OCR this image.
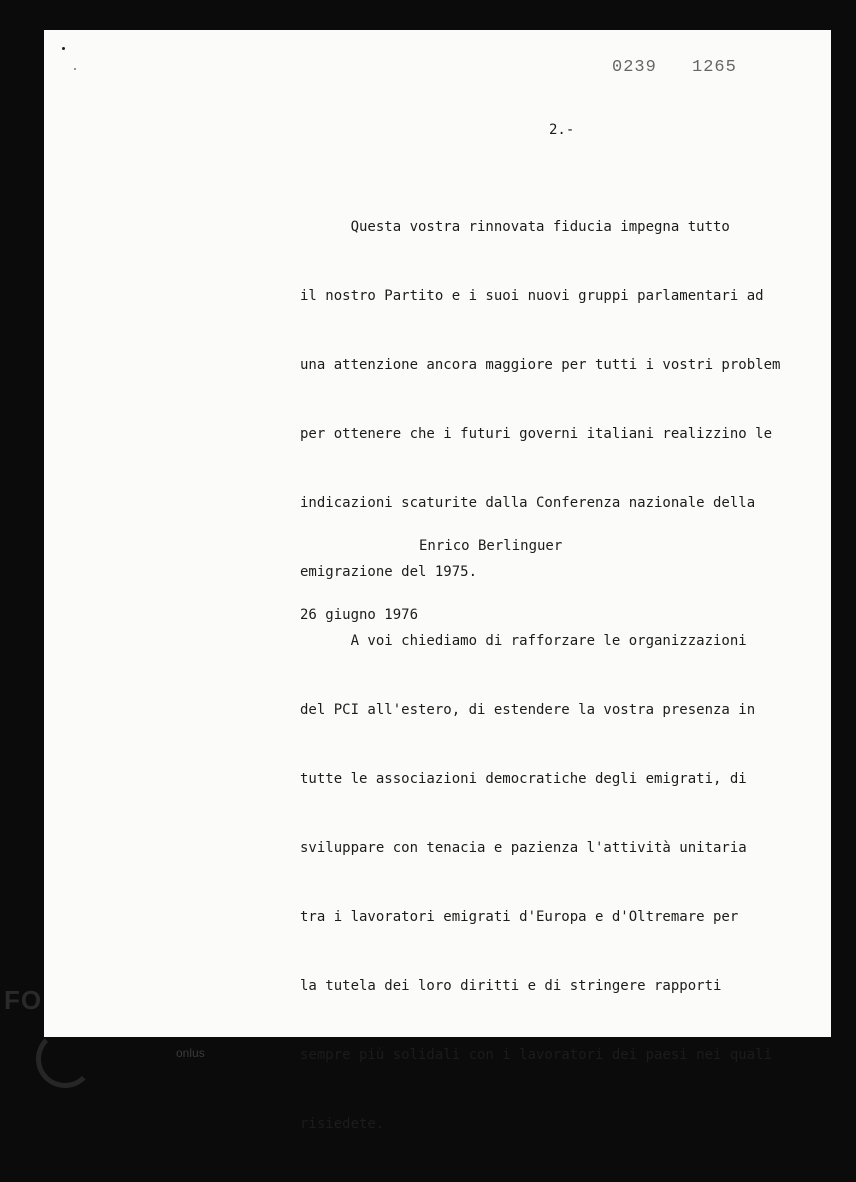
0239 1265
2.-

Questa vostra rinnovata fiducia impegna tutto

il nostro Partito e i suoi nuovi gruppi parlamentari ad

una attenzione ancora maggiore per tutti i vostri problem

per ottenere che i futuri governi italiani realizzino le

indicazioni scaturite dalla Conferenza nazionale della

emigrazione del 1975.

A voi chiediamo di rafforzare le organizzazioni

del PCI all'estero, di estendere la vostra presenza in

tutte le associazioni democratiche degli emigrati, di

sviluppare con tenacia e pazienza l'attività unitaria

tra i lavoratori emigrati d'Europa e d'Oltremare per

la tutela dei loro diritti e di stringere rapporti

sempre più solidali con i lavoratori dei paesi nei quali

risiedete.

Enrico Berlinguer
26 giugno 1976
FO
onlus
